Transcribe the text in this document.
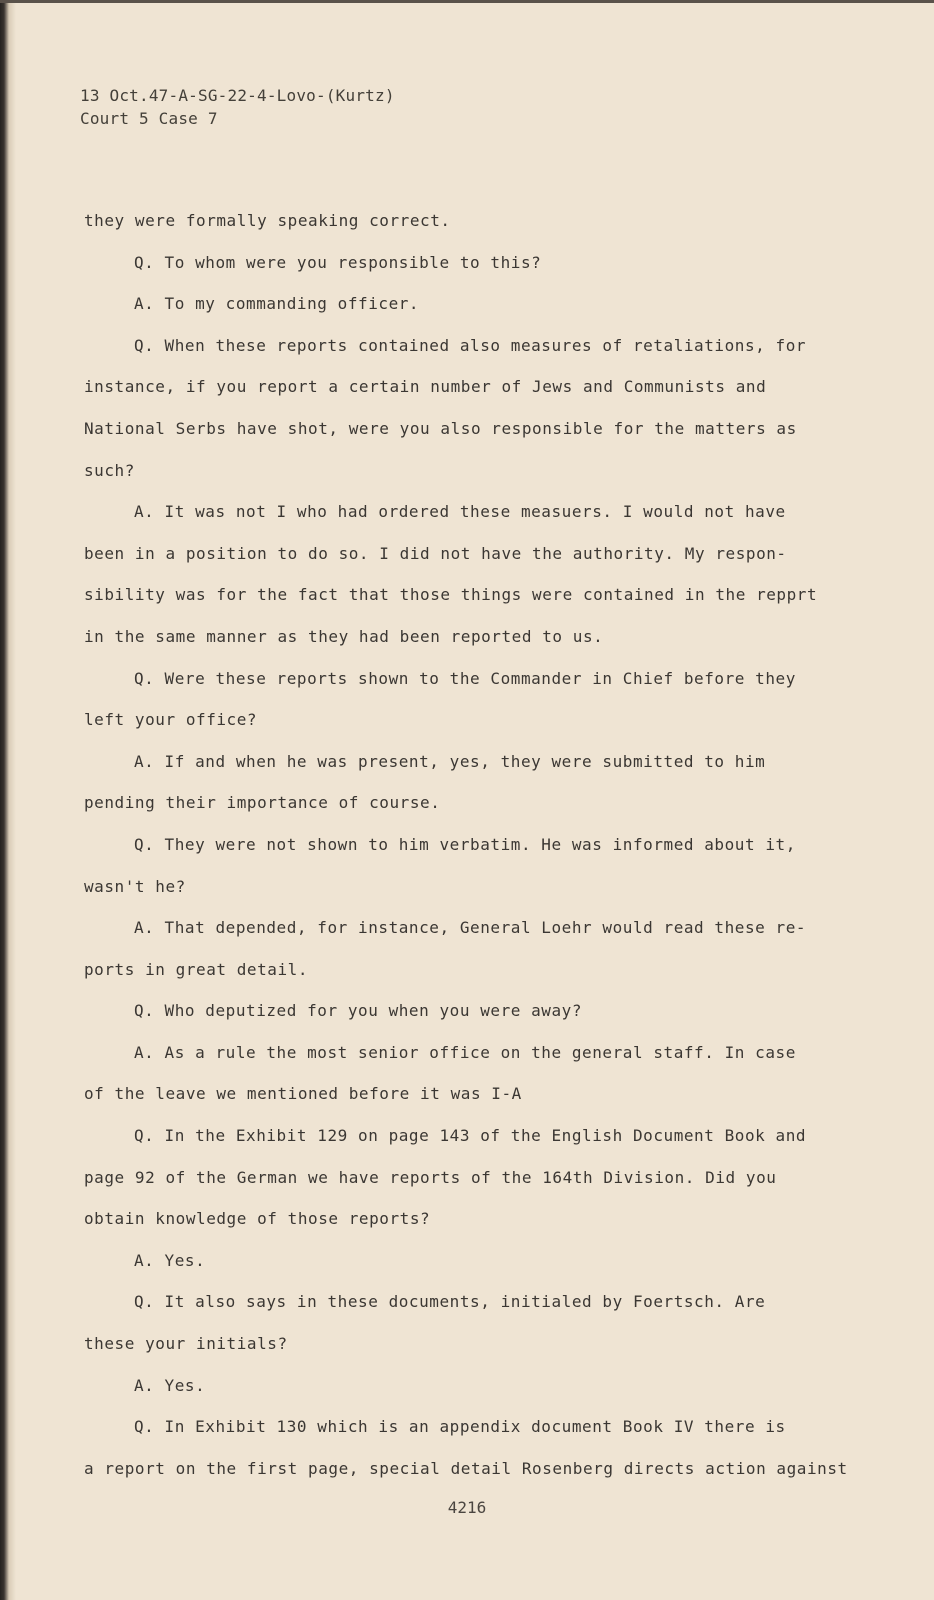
13 Oct.47-A-SG-22-4-Lovo-(Kurtz)
Court 5 Case 7
they were formally speaking correct.
Q. To whom were you responsible to this?
A. To my commanding officer.
Q. When these reports contained also measures of retaliations, for
instance, if you report a certain number of Jews and Communists and
National Serbs have shot, were you also responsible for the matters as
such?
A. It was not I who had ordered these measuers. I would not have
been in a position to do so. I did not have the authority. My respon-
sibility was for the fact that those things were contained in the repprt
in the same manner as they had been reported to us.
Q. Were these reports shown to the Commander in Chief before they
left your office?
A. If and when he was present, yes, they were submitted to him
pending their importance of course.
Q. They were not shown to him verbatim. He was informed about it,
wasn't he?
A. That depended, for instance, General Loehr would read these re-
ports in great detail.
Q. Who deputized for you when you were away?
A. As a rule the most senior office on the general staff. In case
of the leave we mentioned before it was I-A
Q. In the Exhibit 129 on page 143 of the English Document Book and
page 92 of the German we have reports of the 164th Division. Did you
obtain knowledge of those reports?
A. Yes.
Q. It also says in these documents, initialed by Foertsch. Are
these your initials?
A. Yes.
Q. In Exhibit 130 which is an appendix document Book IV there is
a report on the first page, special detail Rosenberg directs action against
4216
